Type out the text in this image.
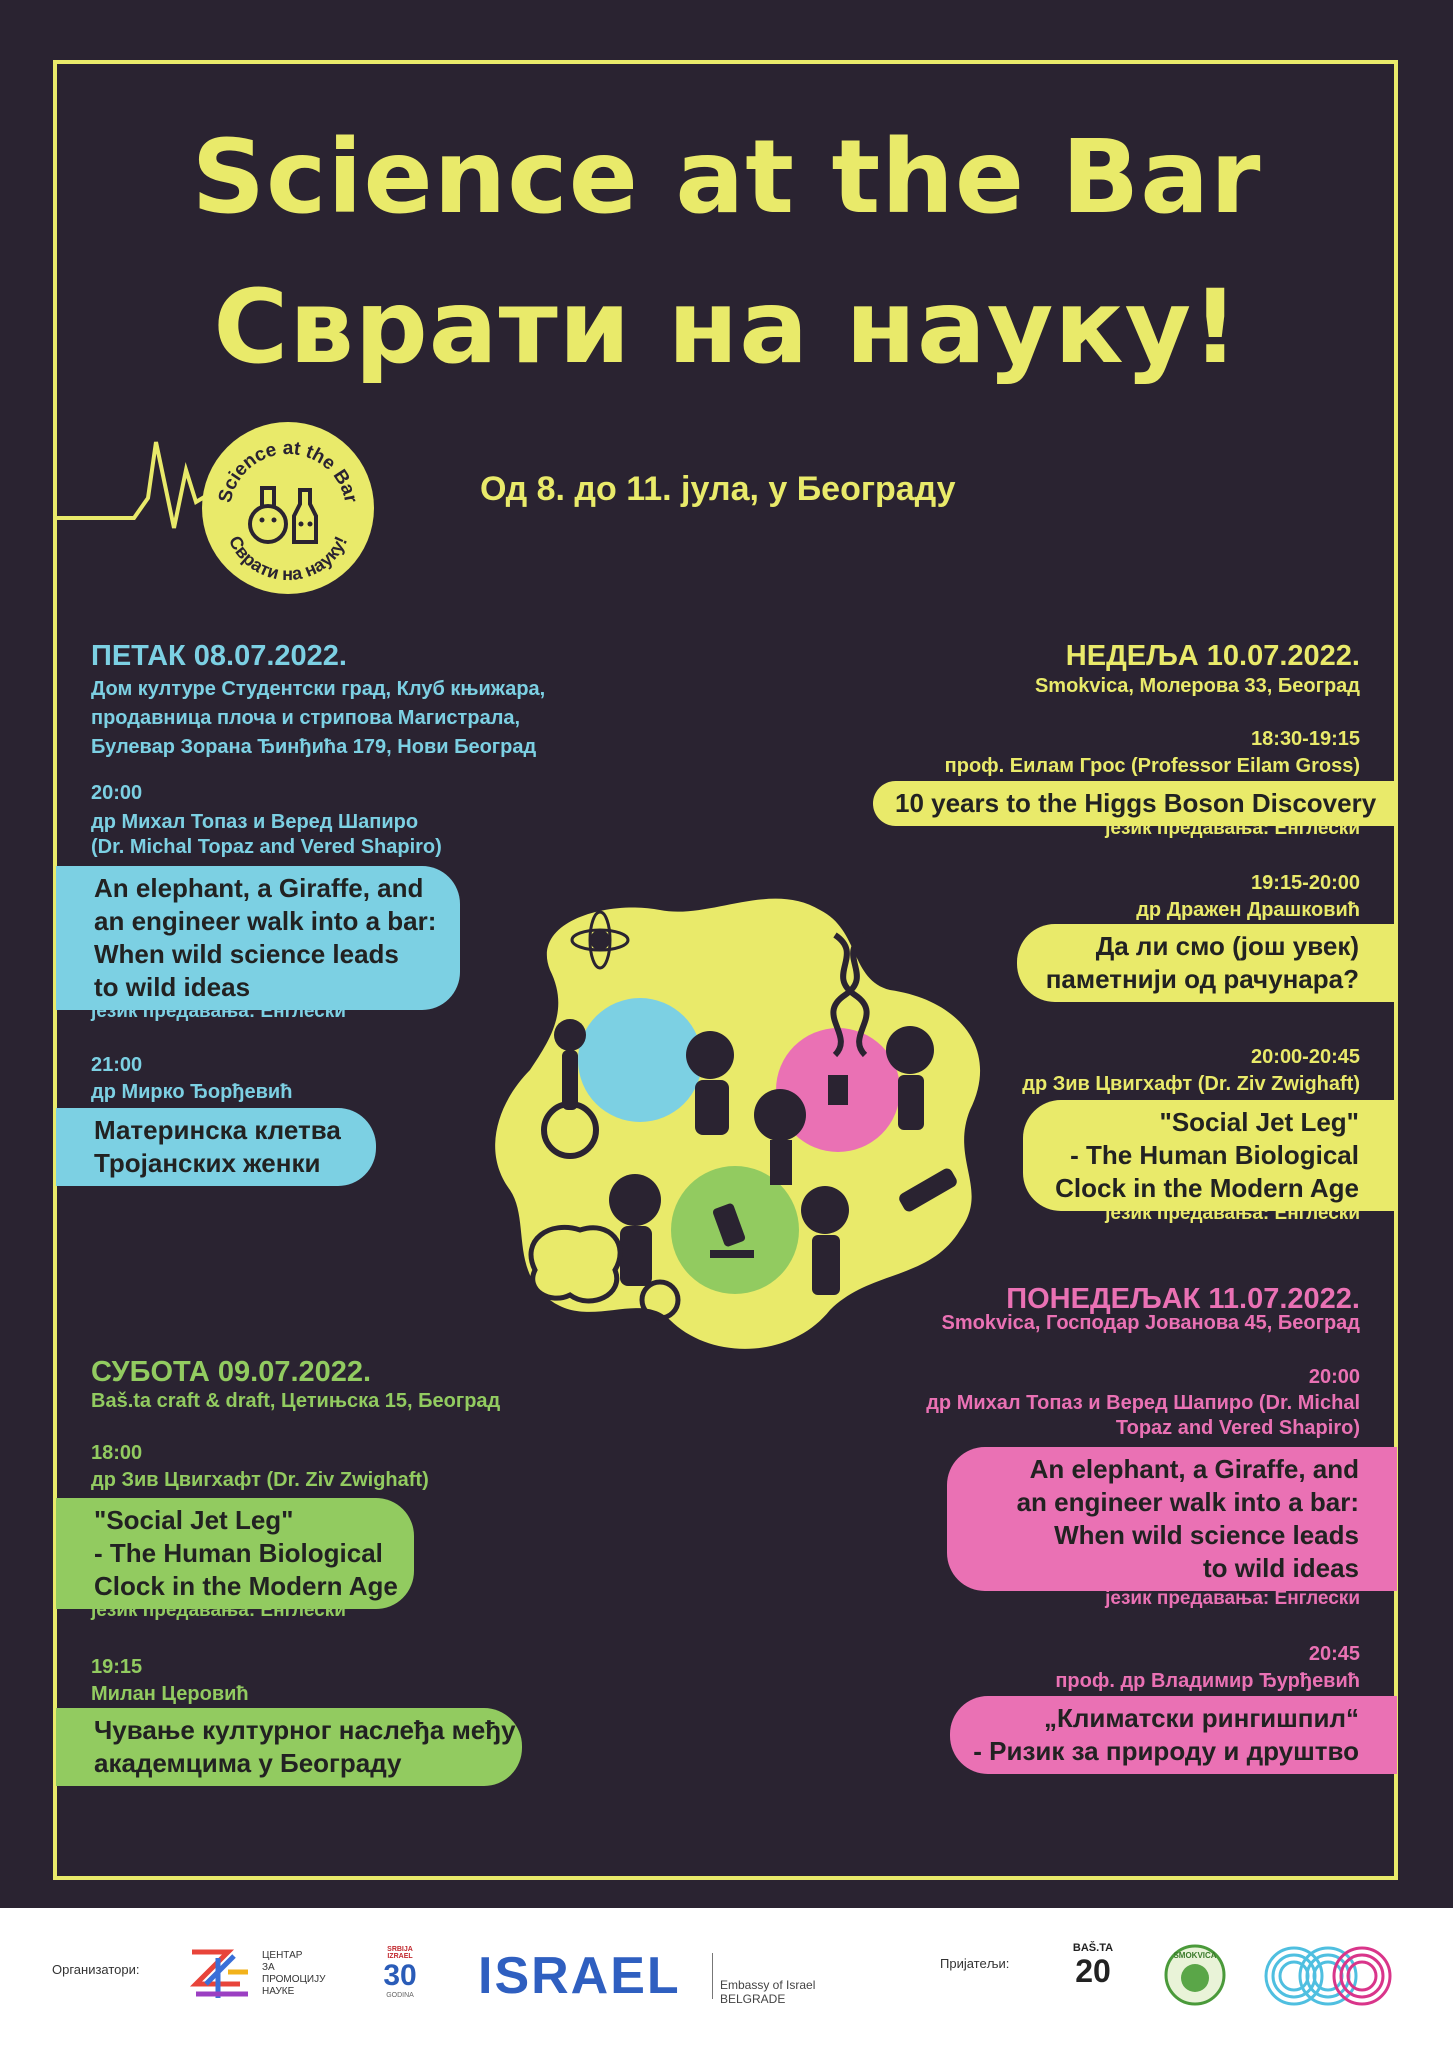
Science at the Bar
Сврати на науку!
Science at the Bar
Сврати на науку!
Од 8. до 11. јула, у Београду
ПЕТАК 08.07.2022.
Дом културе Студентски град, Клуб књижара,
продавница плоча и стрипова Магистрала,
Булевар Зорана Ђинђића 179, Нови Београд
20:00
др Михал Топаз и Веред Шапиро
(Dr. Michal Topaz and Vered Shapiro)
An elephant, a Giraffe, and
an engineer walk into a bar:
When wild science leads
to wild ideas
језик предавања: Енглески
21:00
др Мирко Ђорђевић
Материнска клетва
Тројанских женки
СУБОТА 09.07.2022.
Baš.ta craft & draft, Цетињска 15, Београд
18:00
др Зив Цвигхафт (Dr. Ziv Zwighaft)
"Social Jet Leg"
- The Human Biological
Clock in the Modern Age
језик предавања: Енглески
19:15
Милан Церовић
Чување културног наслеђа међу
академцима у Београду
НЕДЕЉА 10.07.2022.
Smokvica, Молерова 33, Београд
18:30-19:15
проф. Еилам Грос (Professor Eilam Gross)
10 years to the Higgs Boson Discovery
језик предавања: Енглески
19:15-20:00
др Дражен Драшковић
Да ли смо (још увек)
паметнији од рачунара?
20:00-20:45
др Зив Цвигхафт (Dr. Ziv Zwighaft)
"Social Jet Leg"
- The Human Biological
Clock in the Modern Age
језик предавања: Енглески
ПОНЕДЕЉАК 11.07.2022.
Smokvica, Господар Јованова 45, Београд
20:00
др Михал Топаз и Веред Шапиро (Dr. Michal
Topaz and Vered Shapiro)
An elephant, a Giraffe, and
an engineer walk into a bar:
When wild science leads
to wild ideas
језик предавања: Енглески
20:45
проф. др Владимир Ђурђевић
„Климатски рингишпил“
- Ризик за природу и друштво
Организатори:
ЦЕНТАР
ЗА
ПРОМОЦИЈУ
НАУКЕ
SRBIJA IZRAEL
30
GODINA ISRAEL	Embassy of Israel
BELGRADE
Пријатељи:
BAŠ.TA
20	SMOKVICA
